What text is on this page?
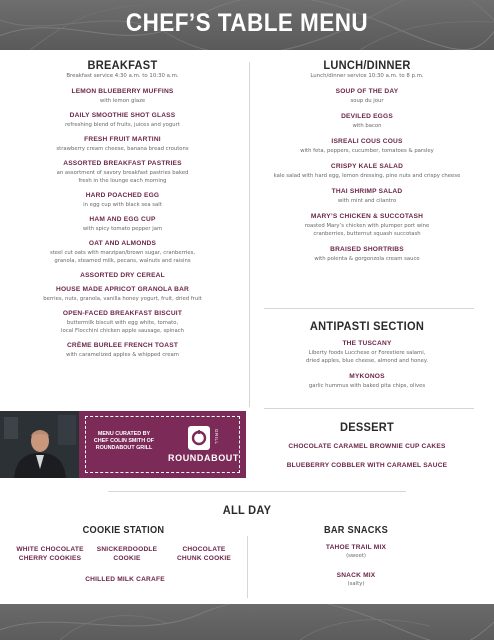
CHEF’S TABLE MENU
BREAKFAST
Breakfast service 4:30 a.m. to 10:30 a.m.
LEMON BLUEBERRY MUFFINS
with lemon glaze
DAILY SMOOTHIE SHOT GLASS
refreshing blend of fruits, juices and yogurt
FRESH FRUIT MARTINI
strawberry cream cheese, banana bread croutons
ASSORTED BREAKFAST PASTRIES
an assortment of savory breakfast pastries baked
fresh in the lounge each morning
HARD POACHED EGG
in egg cup with black sea salt
HAM AND EGG CUP
with spicy tomato pepper jam
OAT AND ALMONDS
steel cut oats with marzipan/brown sugar, cranberries,
granola, steamed milk, pecans, walnuts and raisins
ASSORTED DRY CEREAL
HOUSE MADE APRICOT GRANOLA BAR
berries, nuts, granola, vanilla honey yogurt, fruit, dried fruit
OPEN-FACED BREAKFAST BISCUIT
buttermilk biscuit with egg white, tomato,
local Flocchini chicken apple sausage, spinach
CRÈME BURLEE FRENCH TOAST
with caramelized apples & whipped cream
LUNCH/DINNER
Lunch/dinner service 10:30 a.m. to 8 p.m.
SOUP OF THE DAY
soup du jour
DEVILED EGGS
with bacon
ISREALI COUS COUS
with feta, peppers, cucumber, tomatoes & parsley
CRISPY KALE SALAD
kale salad with hard egg, lemon dressing, pine nuts and crispy cheese
THAI SHRIMP SALAD
with mint and cilantro
MARY’S CHICKEN & SUCCOTASH
roasted Mary’s chicken with plumper port wine
cranberries, butternut squash succotash
BRAISED SHORTRIBS
with polenta & gorgonzola cream sauce
ANTIPASTI SECTION
THE TUSCANY
Liberty foods Lucchese or Forestiere salami,
dried apples, blue cheese, almond and honey.
MYKONOS
garlic hummus with baked pita chips, olives
DESSERT
CHOCOLATE CARAMEL BROWNIE CUP CAKES
BLUEBERRY COBBLER WITH CARAMEL SAUCE
MENU CURATED BY
CHEF COLIN SMITH OF
ROUNDABOUT GRILL
GRILL
ROUNDABOUT
ALL DAY
COOKIE STATION
WHITE CHOCOLATE
CHERRY COOKIES
SNICKERDOODLE
COOKIE
CHOCOLATE
CHUNK COOKIE
CHILLED MILK CARAFE
BAR SNACKS
TAHOE TRAIL MIX
(sweet)
SNACK MIX
(salty)
